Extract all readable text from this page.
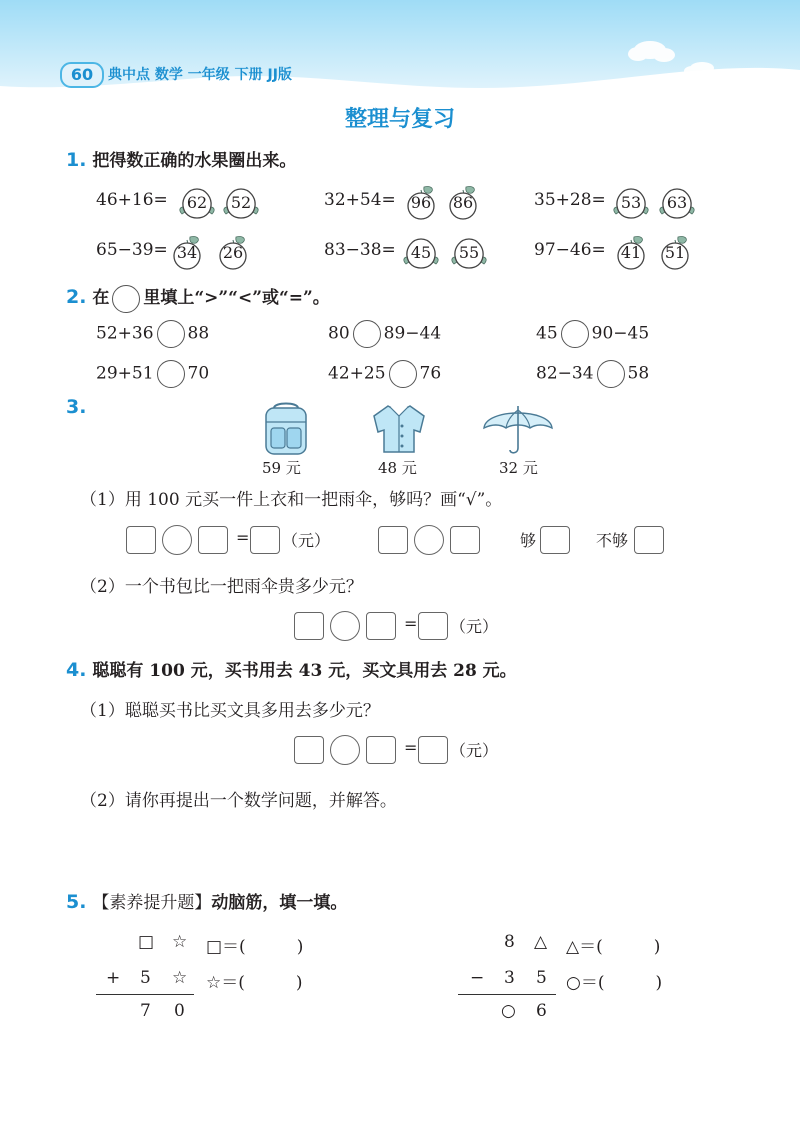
60	典中点 数学 一年级 下册 JJ版
整理与复习
1. 把得数正确的水果圈出来。
46+16=	62	52	32+54= 96	86	35+28= 53	63
65−39= 34	26	83−38= 45	55	97−46= 41	51
2. 在 里填上“>”“<”或“=”。
52+36 88	80 89−44	45 90−45
29+51 70	42+25 76	82−34 58
3.
59 元	48 元	32 元
（1）用 100 元买一件上衣和一把雨伞，够吗？画“√”。
= （元）	够	不够
（2）一个书包比一把雨伞贵多少元？
= （元）
4. 聪聪有 100 元，买书用去 43 元，买文具用去 28 元。
（1）聪聪买书比买文具多用去多少元？
= （元）
（2）请你再提出一个数学问题，并解答。
5. 【素养提升题】动脑筋，填一填。
□ ☆
+ 5 ☆
7 0
□＝(　　　)
☆＝(　　　)
8 △
− 3 5
○ 6
△＝(　　　)
○＝(　　　)
